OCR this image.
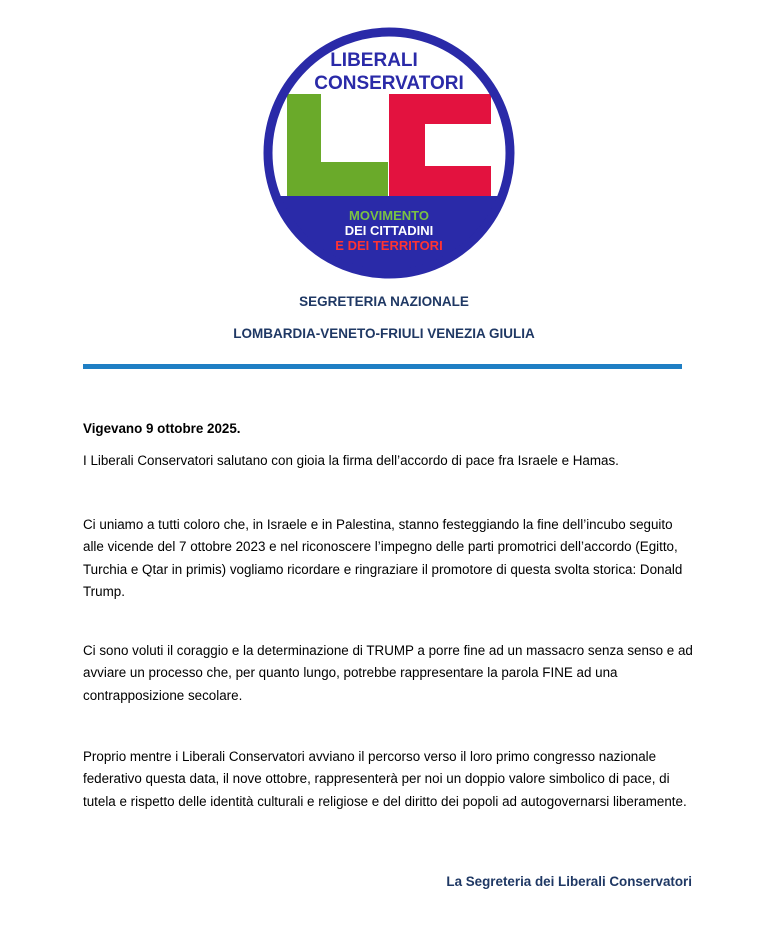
LIBERALI
CONSERVATORI
MOVIMENTO
DEI CITTADINI
E DEI TERRITORI
SEGRETERIA NAZIONALE
LOMBARDIA-VENETO-FRIULI VENEZIA GIULIA
Vigevano 9 ottobre 2025.
I Liberali Conservatori salutano con gioia la firma dell’accordo di pace fra Israele e Hamas.
Ci uniamo a tutti coloro che, in Israele e in Palestina, stanno festeggiando la fine dell’incubo seguito alle vicende del 7 ottobre 2023 e nel riconoscere l’impegno delle parti promotrici dell’accordo (Egitto, Turchia e Qtar in primis) vogliamo ricordare e ringraziare il promotore di questa svolta storica: Donald Trump.
Ci sono voluti il coraggio e la determinazione di TRUMP a porre fine ad un massacro senza senso e ad avviare un processo che, per quanto lungo, potrebbe rappresentare la parola FINE ad una contrapposizione secolare.
Proprio mentre i Liberali Conservatori avviano il percorso verso il loro primo congresso nazionale federativo questa data, il nove ottobre, rappresenterà per noi un doppio valore simbolico di pace, di tutela e rispetto delle identità culturali e religiose e del diritto dei popoli ad autogovernarsi liberamente.
La Segreteria dei Liberali Conservatori
